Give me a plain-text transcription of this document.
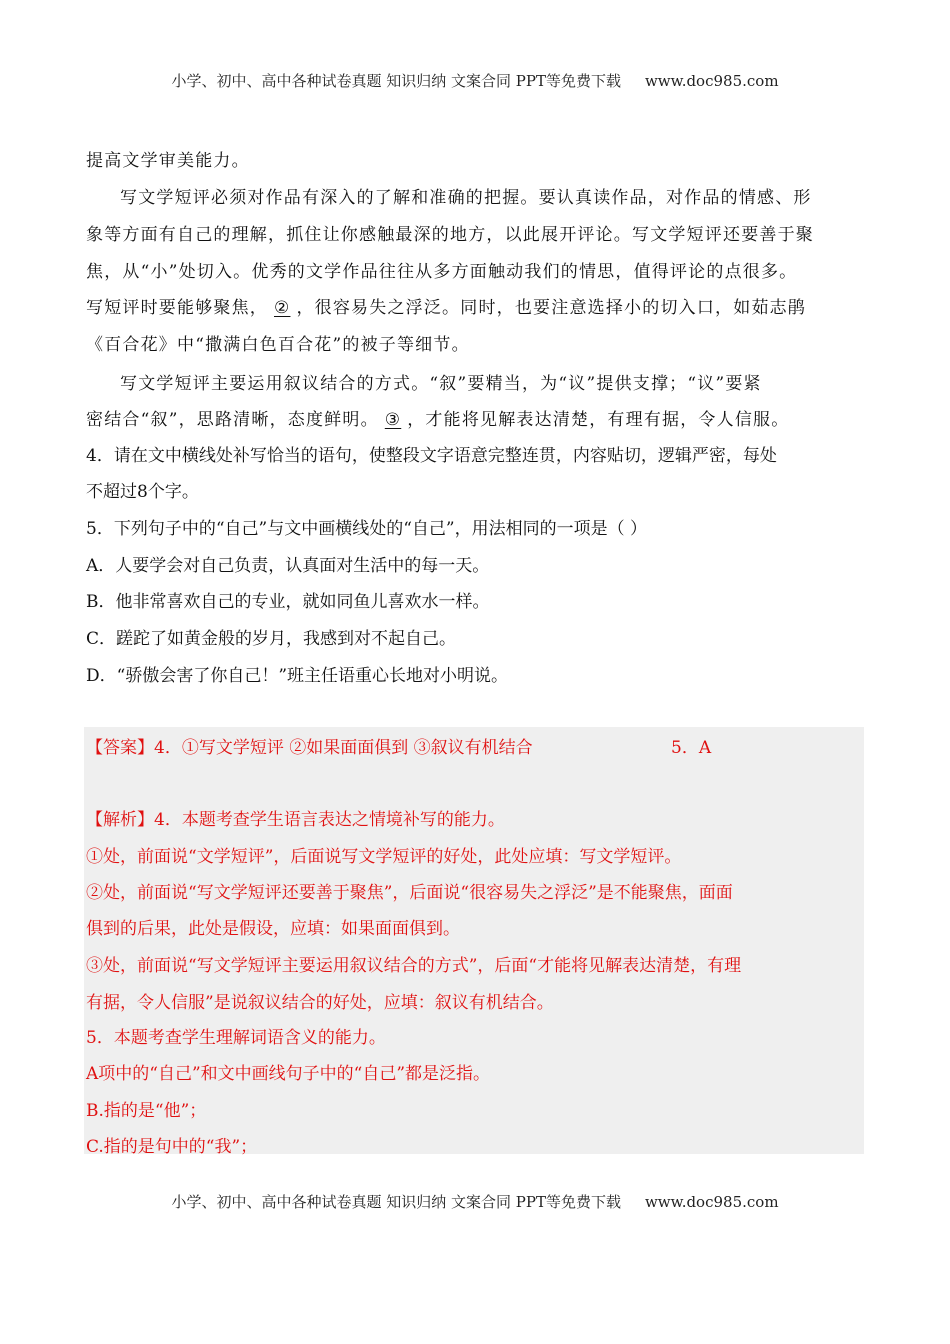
小学、初中、高中各种试卷真题 知识归纳 文案合同 PPT等免费下载 www.doc985.com
提高文学审美能力。
写文学短评必须对作品有深入的了解和准确的把握。要认真读作品，对作品的情感、形
象等方面有自己的理解，抓住让你感触最深的地方，以此展开评论。写文学短评还要善于聚
焦，从“小”处切入。优秀的文学作品往往从多方面触动我们的情思，值得评论的点很多。
写短评时要能够聚焦， ② ，很容易失之浮泛。同时，也要注意选择小的切入口，如茹志鹃
《百合花》中“撒满白色百合花”的被子等细节。
写文学短评主要运用叙议结合的方式。“叙”要精当，为“议”提供支撑；“议”要紧
密结合“叙”，思路清晰，态度鲜明。 ③ ，才能将见解表达清楚，有理有据，令人信服。
4．请在文中横线处补写恰当的语句，使整段文字语意完整连贯，内容贴切，逻辑严密，每处
不超过8个字。
5．下列句子中的“自己”与文中画横线处的“自己”，用法相同的一项是（ ）
A．人要学会对自己负责，认真面对生活中的每一天。
B．他非常喜欢自己的专业，就如同鱼儿喜欢水一样。
C．蹉跎了如黄金般的岁月，我感到对不起自己。
D．“骄傲会害了你自己！”班主任语重心长地对小明说。
【答案】4．①写文学短评 ②如果面面俱到 ③叙议有机结合	5．A
【解析】4．本题考查学生语言表达之情境补写的能力。
①处，前面说“文学短评”，后面说写文学短评的好处，此处应填：写文学短评。
②处，前面说“写文学短评还要善于聚焦”，后面说“很容易失之浮泛”是不能聚焦，面面
俱到的后果，此处是假设，应填：如果面面俱到。
③处，前面说“写文学短评主要运用叙议结合的方式”，后面“才能将见解表达清楚，有理
有据，令人信服”是说叙议结合的好处，应填：叙议有机结合。
5．本题考查学生理解词语含义的能力。
A项中的“自己”和文中画线句子中的“自己”都是泛指。
B.指的是“他”；
C.指的是句中的“我”；
小学、初中、高中各种试卷真题 知识归纳 文案合同 PPT等免费下载 www.doc985.com
